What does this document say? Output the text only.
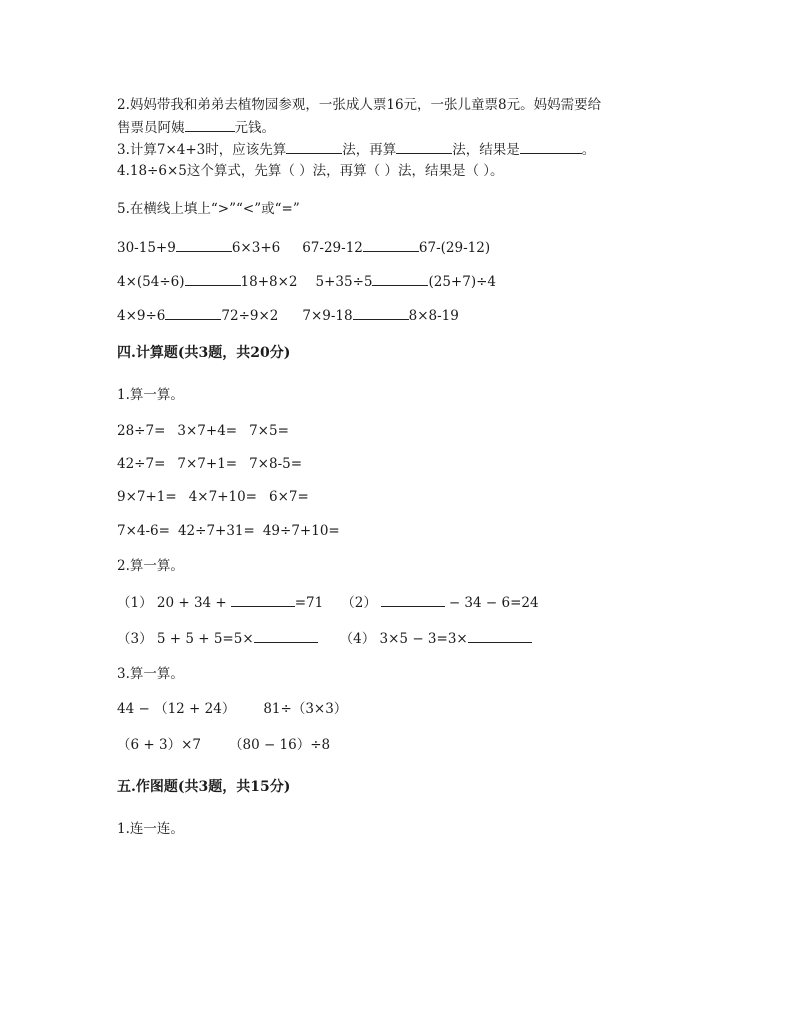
2.妈妈带我和弟弟去植物园参观，一张成人票16元，一张儿童票8元。妈妈需要给
售票员阿姨	元钱。
3.计算7×4+3时，应该先算	法，再算	法，结果是	。
4.18÷6×5这个算式，先算（ ）法，再算（ ）法，结果是（ ）。
5.在横线上填上“>”“<”或“=”
30-15+9	6×3+6 67-29-12	67-(29-12)
4×(54÷6)	18+8×2 5+35÷5	(25+7)÷4
4×9÷6	72÷9×2 7×9-18	8×8-19
四.计算题(共3题，共20分)
1.算一算。
28÷7= 3×7+4= 7×5=
42÷7= 7×7+1= 7×8-5=
9×7+1= 4×7+10= 6×7=
7×4-6= 42÷7+31= 49÷7+10=
2.算一算。
（1） 20 + 34 +	=71 （2）	− 34 − 6=24
（3） 5 + 5 + 5=5×	（4） 3×5 − 3=3×
3.算一算。
44 − （12 + 24） 81÷（3×3）
（6 + 3）×7 （80 − 16）÷8
五.作图题(共3题，共15分)
1.连一连。
